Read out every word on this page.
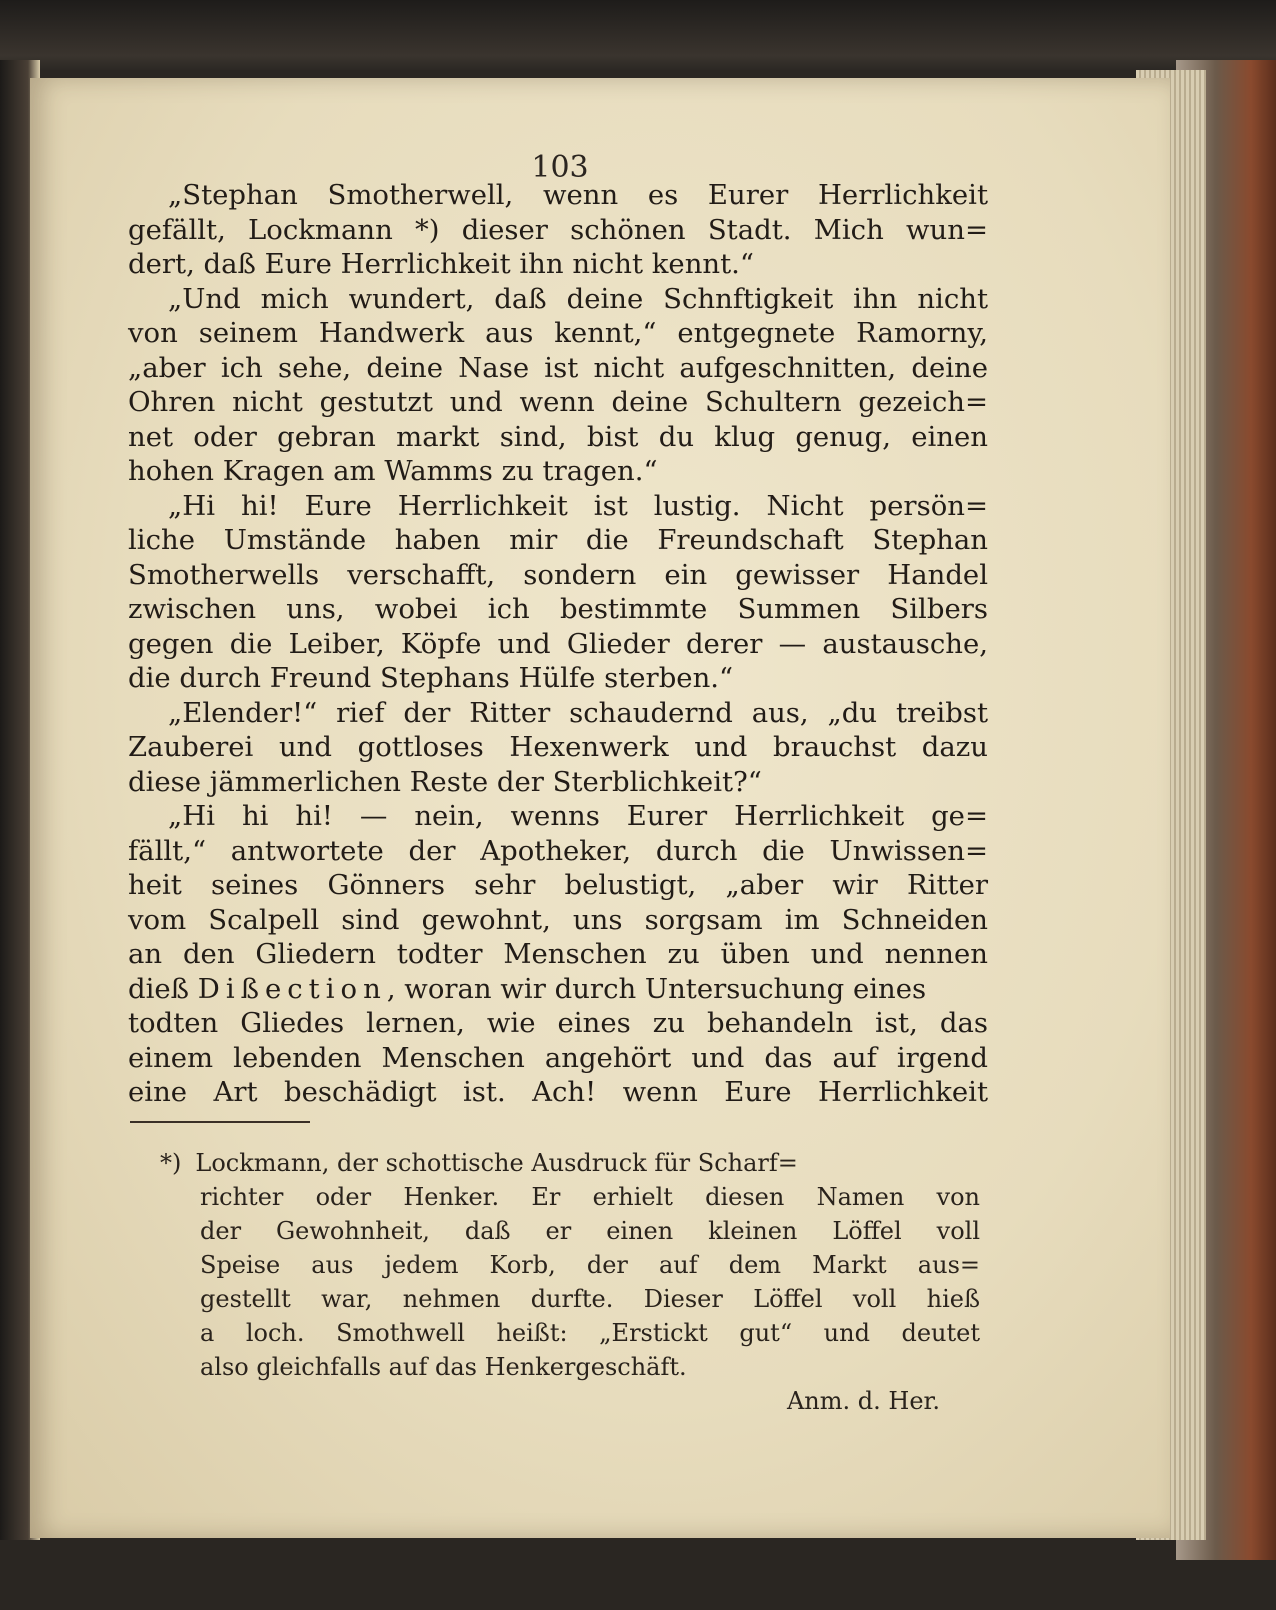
103
„Stephan Smotherwell, wenn es Eurer Herrlichkeit
gefällt, Lockmann *) dieser schönen Stadt. Mich wun=
dert, daß Eure Herrlichkeit ihn nicht kennt.“
„Und mich wundert, daß deine Schnftigkeit ihn nicht
von seinem Handwerk aus kennt,“ entgegnete Ramorny,
„aber ich sehe, deine Nase ist nicht aufgeschnitten, deine
Ohren nicht gestutzt und wenn deine Schultern gezeich=
net oder gebran markt sind, bist du klug genug, einen
hohen Kragen am Wamms zu tragen.“
„Hi hi! Eure Herrlichkeit ist lustig. Nicht persön=
liche Umstände haben mir die Freundschaft Stephan
Smotherwells verschafft, sondern ein gewisser Handel
zwischen uns, wobei ich bestimmte Summen Silbers
gegen die Leiber, Köpfe und Glieder derer — austausche,
die durch Freund Stephans Hülfe sterben.“
„Elender!“ rief der Ritter schaudernd aus, „du treibst
Zauberei und gottloses Hexenwerk und brauchst dazu
diese jämmerlichen Reste der Sterblichkeit?“
„Hi hi hi! — nein, wenns Eurer Herrlichkeit ge=
fällt,“ antwortete der Apotheker, durch die Unwissen=
heit seines Gönners sehr belustigt, „aber wir Ritter
vom Scalpell sind gewohnt, uns sorgsam im Schneiden
an den Gliedern todter Menschen zu üben und nennen
dieß Dißection, woran wir durch Untersuchung eines
todten Gliedes lernen, wie eines zu behandeln ist, das
einem lebenden Menschen angehört und das auf irgend
eine Art beschädigt ist. Ach! wenn Eure Herrlichkeit
*) Lockmann, der schottische Ausdruck für Scharf=
richter oder Henker. Er erhielt diesen Namen von
der Gewohnheit, daß er einen kleinen Löffel voll
Speise aus jedem Korb, der auf dem Markt aus=
gestellt war, nehmen durfte. Dieser Löffel voll hieß
a loch. Smothwell heißt: „Erstickt gut“ und deutet
also gleichfalls auf das Henkergeschäft.
Anm. d. Her.
